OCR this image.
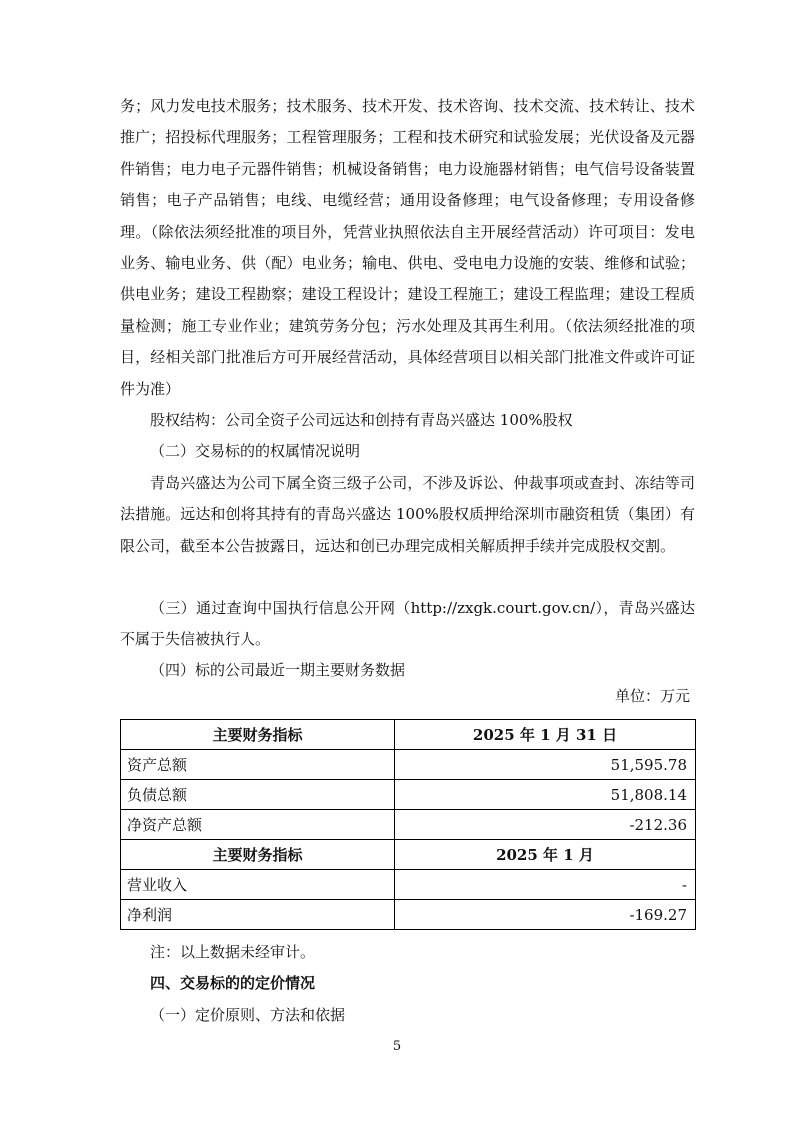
务；风力发电技术服务；技术服务、技术开发、技术咨询、技术交流、技术转让、技术推广；招投标代理服务；工程管理服务；工程和技术研究和试验发展；光伏设备及元器件销售；电力电子元器件销售；机械设备销售；电力设施器材销售；电气信号设备装置销售；电子产品销售；电线、电缆经营；通用设备修理；电气设备修理；专用设备修理。（除依法须经批准的项目外，凭营业执照依法自主开展经营活动）许可项目：发电业务、输电业务、供（配）电业务；输电、供电、受电电力设施的安装、维修和试验；供电业务；建设工程勘察；建设工程设计；建设工程施工；建设工程监理；建设工程质量检测；施工专业作业；建筑劳务分包；污水处理及其再生利用。（依法须经批准的项目，经相关部门批准后方可开展经营活动，具体经营项目以相关部门批准文件或许可证件为准）

股权结构：公司全资子公司远达和创持有青岛兴盛达 100%股权

（二）交易标的的权属情况说明

青岛兴盛达为公司下属全资三级子公司，不涉及诉讼、仲裁事项或查封、冻结等司法措施。远达和创将其持有的青岛兴盛达 100%股权质押给深圳市融资租赁（集团）有限公司，截至本公告披露日，远达和创已办理完成相关解质押手续并完成股权交割。

（三）通过查询中国执行信息公开网（http://zxgk.court.gov.cn/），青岛兴盛达不属于失信被执行人。

（四）标的公司最近一期主要财务数据

单位：万元
主要财务指标	2025 年 1 月 31 日
资产总额	51,595.78
负债总额	51,808.14
净资产总额	-212.36
主要财务指标	2025 年 1 月
营业收入	-
净利润	-169.27
注：以上数据未经审计。
四、交易标的的定价情况
（一）定价原则、方法和依据
5
